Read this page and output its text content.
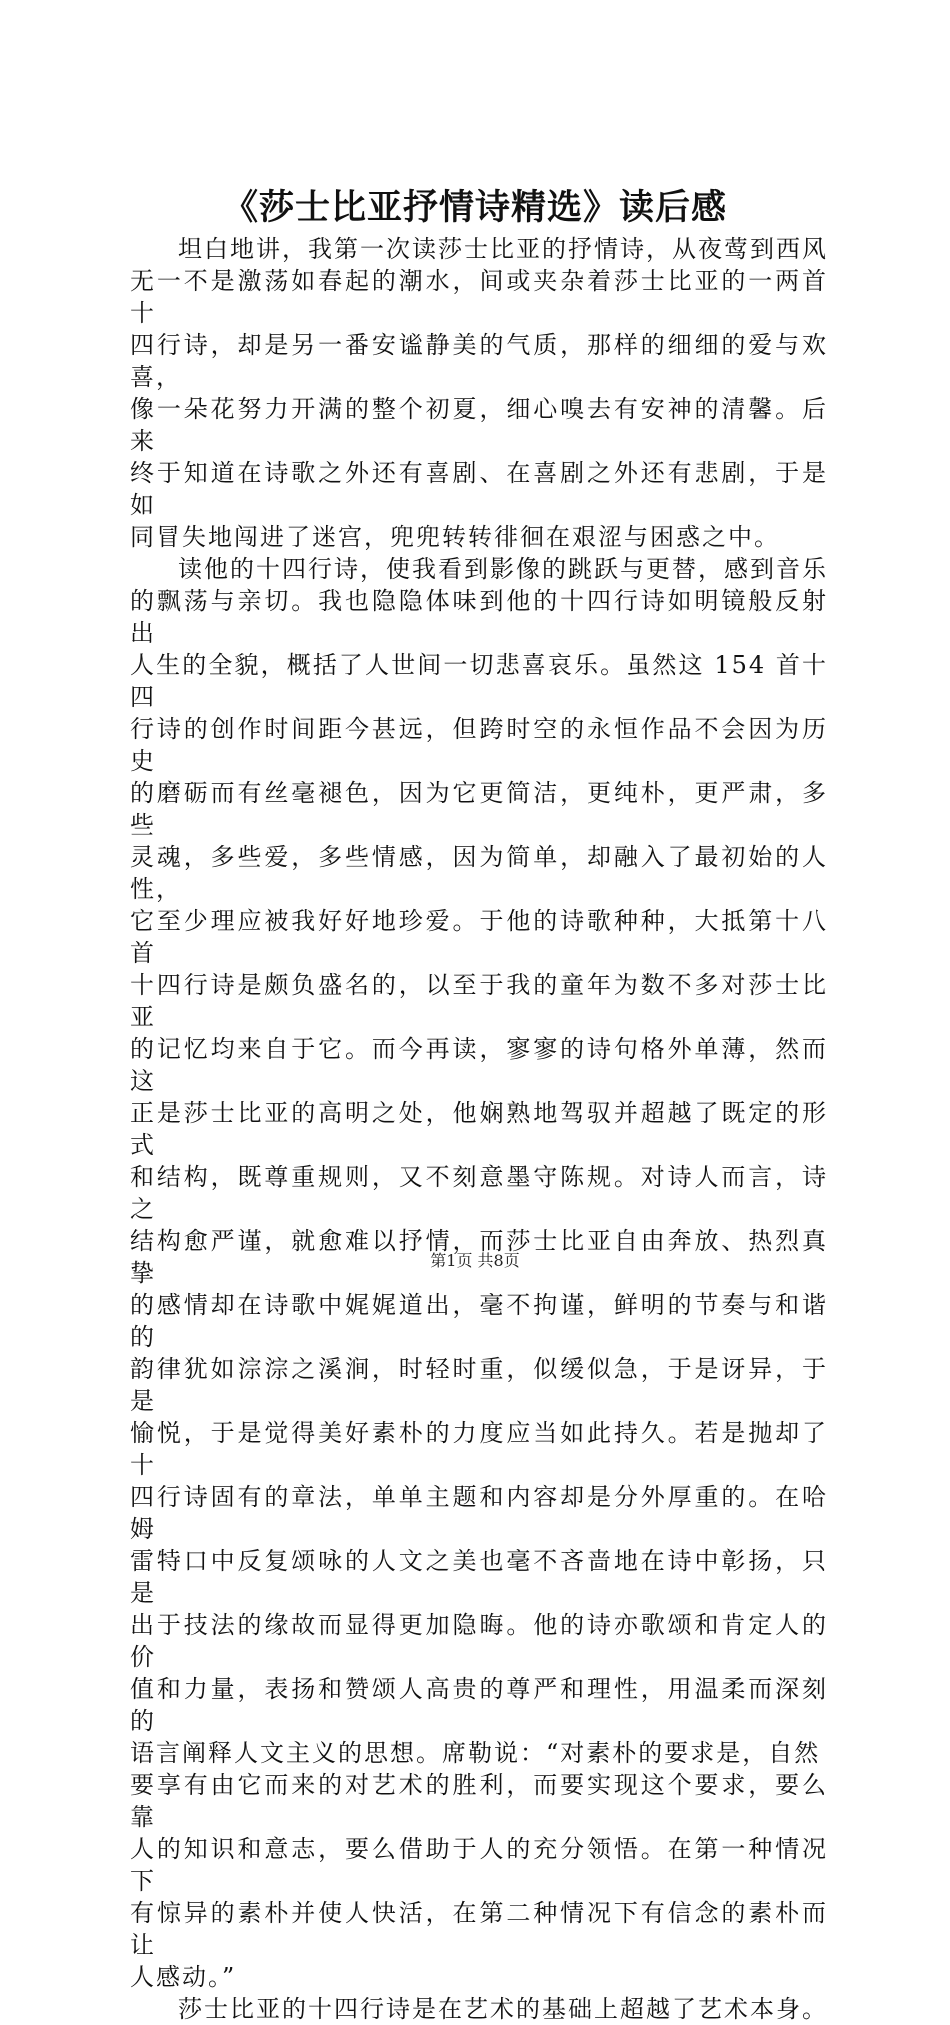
《莎士比亚抒情诗精选》读后感

坦白地讲，我第一次读莎士比亚的抒情诗，从夜莺到西风
无一不是激荡如春起的潮水，间或夹杂着莎士比亚的一两首十
四行诗，却是另一番安谧静美的气质，那样的细细的爱与欢喜，
像一朵花努力开满的整个初夏，细心嗅去有安神的清馨。后来
终于知道在诗歌之外还有喜剧、在喜剧之外还有悲剧，于是如
同冒失地闯进了迷宫，兜兜转转徘徊在艰涩与困惑之中。

读他的十四行诗，使我看到影像的跳跃与更替，感到音乐
的飘荡与亲切。我也隐隐体味到他的十四行诗如明镜般反射出
人生的全貌，概括了人世间一切悲喜哀乐。虽然这 154 首十四
行诗的创作时间距今甚远，但跨时空的永恒作品不会因为历史
的磨砺而有丝毫褪色，因为它更简洁，更纯朴，更严肃，多些
灵魂，多些爱，多些情感，因为简单，却融入了最初始的人性，
它至少理应被我好好地珍爱。于他的诗歌种种，大抵第十八首
十四行诗是颇负盛名的，以至于我的童年为数不多对莎士比亚
的记忆均来自于它。而今再读，寥寥的诗句格外单薄，然而这
正是莎士比亚的高明之处，他娴熟地驾驭并超越了既定的形式
和结构，既尊重规则，又不刻意墨守陈规。对诗人而言，诗之
结构愈严谨，就愈难以抒情，而莎士比亚自由奔放、热烈真挚
的感情却在诗歌中娓娓道出，毫不拘谨，鲜明的节奏与和谐的
韵律犹如淙淙之溪涧，时轻时重，似缓似急，于是讶异，于是
愉悦，于是觉得美好素朴的力度应当如此持久。若是抛却了十
四行诗固有的章法，单单主题和内容却是分外厚重的。在哈姆
雷特口中反复颂咏的人文之美也毫不吝啬地在诗中彰扬，只是
出于技法的缘故而显得更加隐晦。他的诗亦歌颂和肯定人的价
值和力量，表扬和赞颂人高贵的尊严和理性，用温柔而深刻的
语言阐释人文主义的思想。席勒说：“对素朴的要求是，自然
要享有由它而来的对艺术的胜利，而要实现这个要求，要么靠
人的知识和意志，要么借助于人的充分领悟。在第一种情况下
有惊异的素朴并使人快活，在第二种情况下有信念的素朴而让
人感动。”

莎士比亚的十四行诗是在艺术的基础上超越了艺术本身。

第1页 共8页
